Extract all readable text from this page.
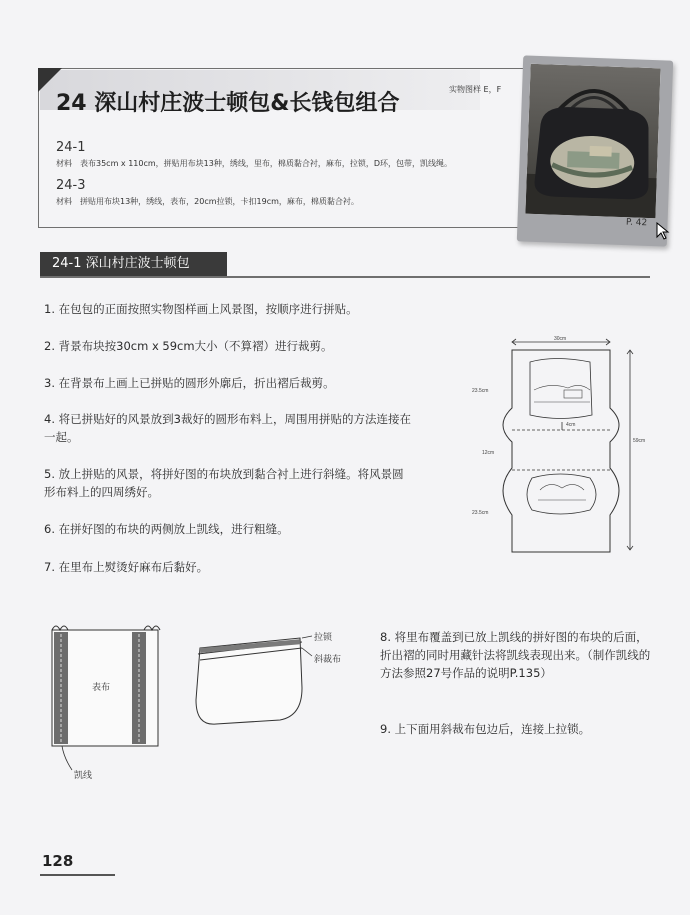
24 深山村庄波士顿包&长钱包组合
实物图样 E，F
24-1
材料　表布35cm x 110cm，拼贴用布块13种，绣线，里布，棉质黏合衬，麻布，拉锁，D环，包带，凯线绳。
24-3
材料　拼贴用布块13种，绣线，表布，20cm拉锁，卡扣19cm，麻布，棉质黏合衬。
P. 42
24-1 深山村庄波士顿包
1. 在包包的正面按照实物图样画上风景图，按顺序进行拼贴。
2. 背景布块按30cm x 59cm大小（不算褶）进行裁剪。
3. 在背景布上画上已拼贴的圆形外廓后，折出褶后裁剪。
4. 将已拼贴好的风景放到3裁好的圆形布料上，周围用拼贴的方法连接在一起。
5. 放上拼贴的风景，将拼好图的布块放到黏合衬上进行斜缝。将风景圆形布料上的四周绣好。
6. 在拼好图的布块的两侧放上凯线，进行粗缝。
7. 在里布上熨烫好麻布后黏好。
8. 将里布覆盖到已放上凯线的拼好图的布块的后面，折出褶的同时用藏针法将凯线表现出来。（制作凯线的方法参照27号作品的说明P.135）
9. 上下面用斜裁布包边后，连接上拉锁。
30cm
59cm
23.5cm
12cm
23.5cm
4cm
表布
凯线
拉锁
斜裁布
128
